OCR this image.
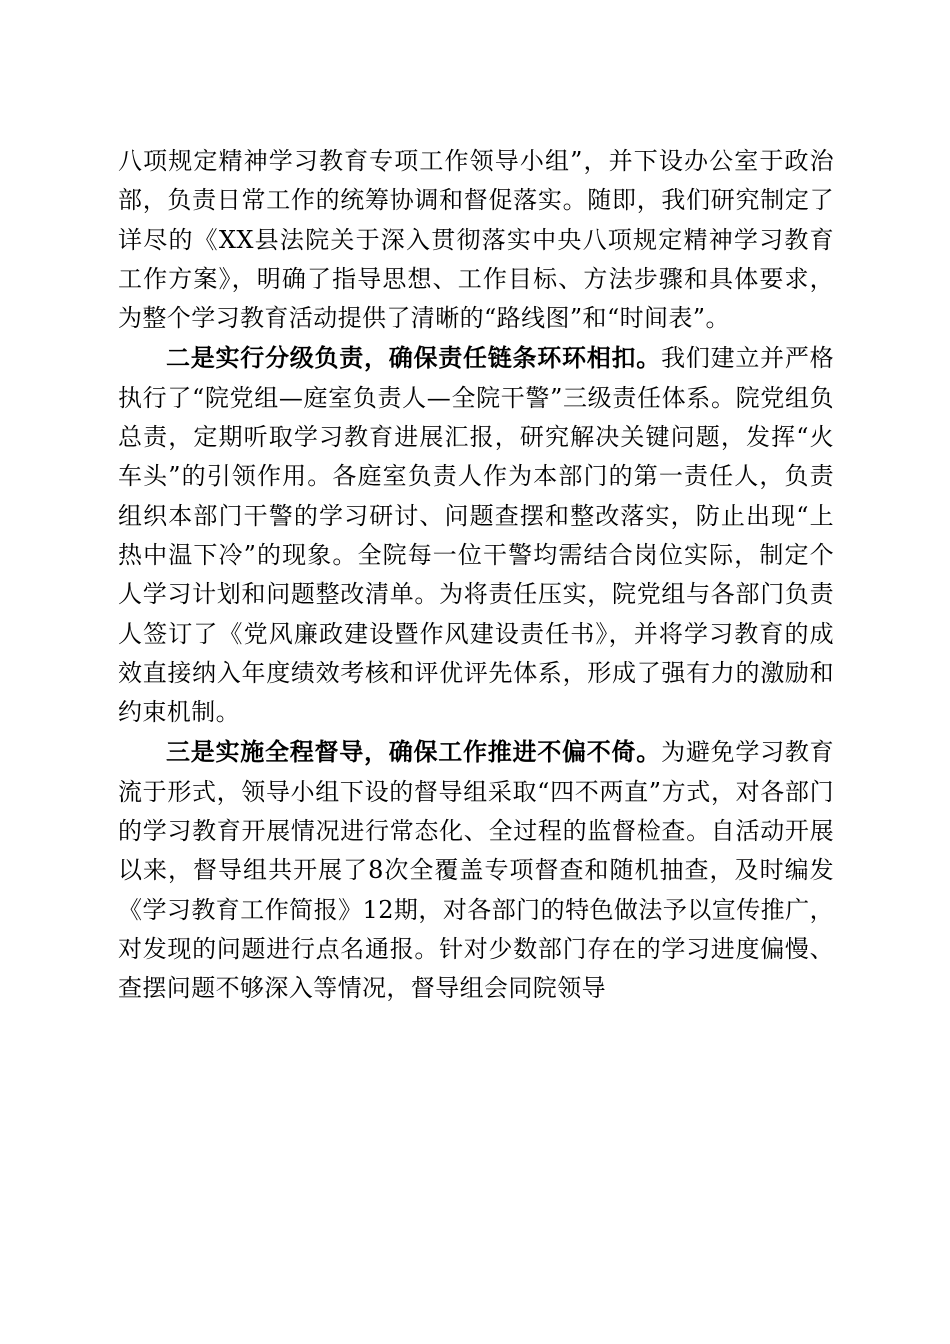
八项规定精神学习教育专项工作领导小组”，并下设办公室于政治部，负责日常工作的统筹协调和督促落实。随即，我们研究制定了详尽的《XX县法院关于深入贯彻落实中央八项规定精神学习教育工作方案》，明确了指导思想、工作目标、方法步骤和具体要求，为整个学习教育活动提供了清晰的“路线图”和“时间表”。

二是实行分级负责，确保责任链条环环相扣。我们建立并严格执行了“院党组—庭室负责人—全院干警”三级责任体系。院党组负总责，定期听取学习教育进展汇报，研究解决关键问题，发挥“火车头”的引领作用。各庭室负责人作为本部门的第一责任人，负责组织本部门干警的学习研讨、问题查摆和整改落实，防止出现“上热中温下冷”的现象。全院每一位干警均需结合岗位实际，制定个人学习计划和问题整改清单。为将责任压实，院党组与各部门负责人签订了《党风廉政建设暨作风建设责任书》，并将学习教育的成效直接纳入年度绩效考核和评优评先体系，形成了强有力的激励和约束机制。

三是实施全程督导，确保工作推进不偏不倚。为避免学习教育流于形式，领导小组下设的督导组采取“四不两直”方式，对各部门的学习教育开展情况进行常态化、全过程的监督检查。自活动开展以来，督导组共开展了8次全覆盖专项督查和随机抽查，及时编发《学习教育工作简报》12期，对各部门的特色做法予以宣传推广，对发现的问题进行点名通报。针对少数部门存在的学习进度偏慢、查摆问题不够深入等情况，督导组会同院领导
